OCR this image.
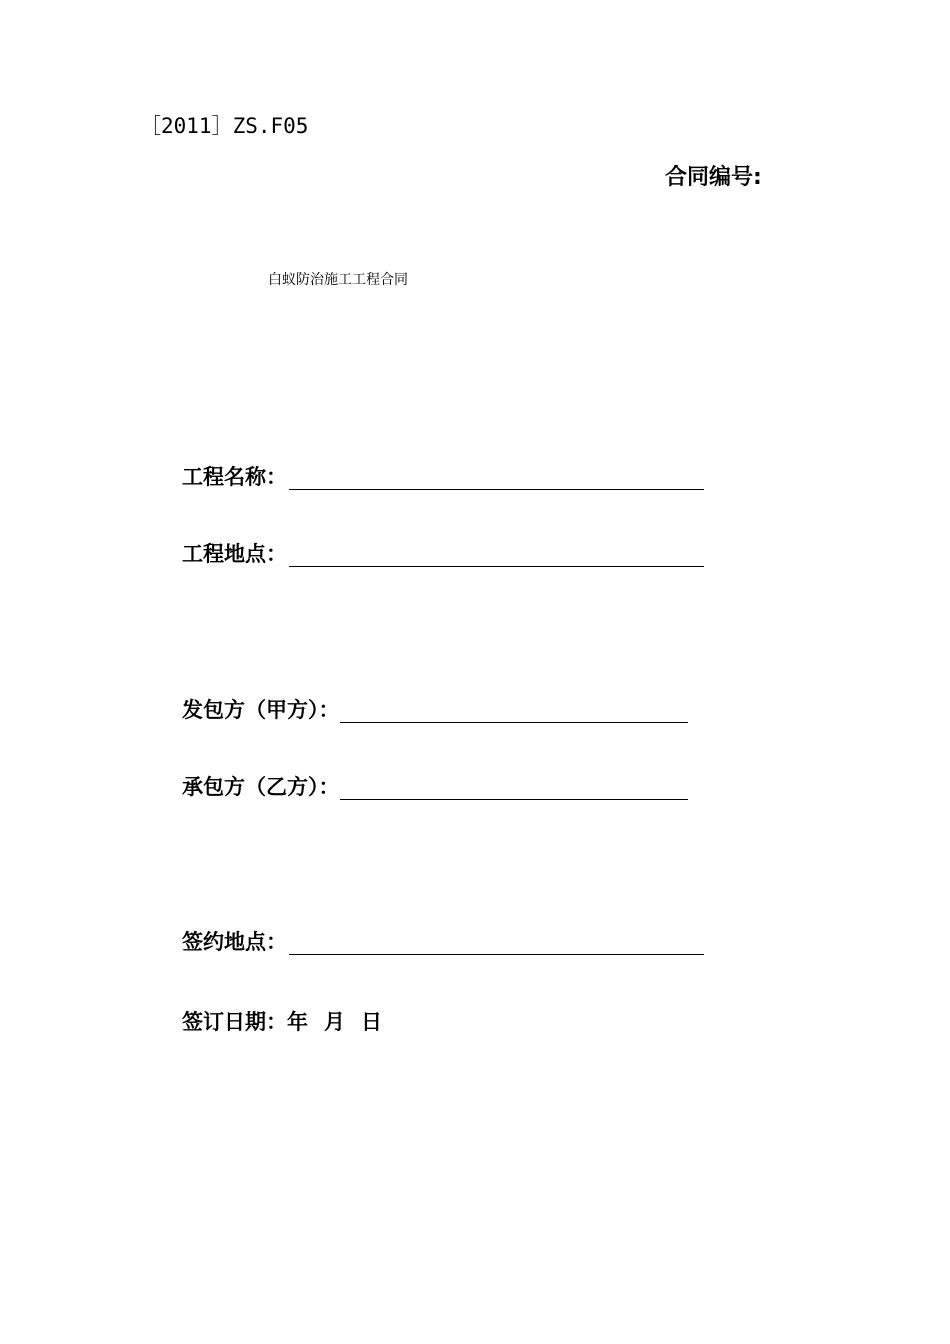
［2011］ZS.F05
合同编号:
白蚁防治施工工程合同
工程名称：
工程地点：
发包方（甲方）：
承包方（乙方）：
签约地点：
签订日期：年 月 日
